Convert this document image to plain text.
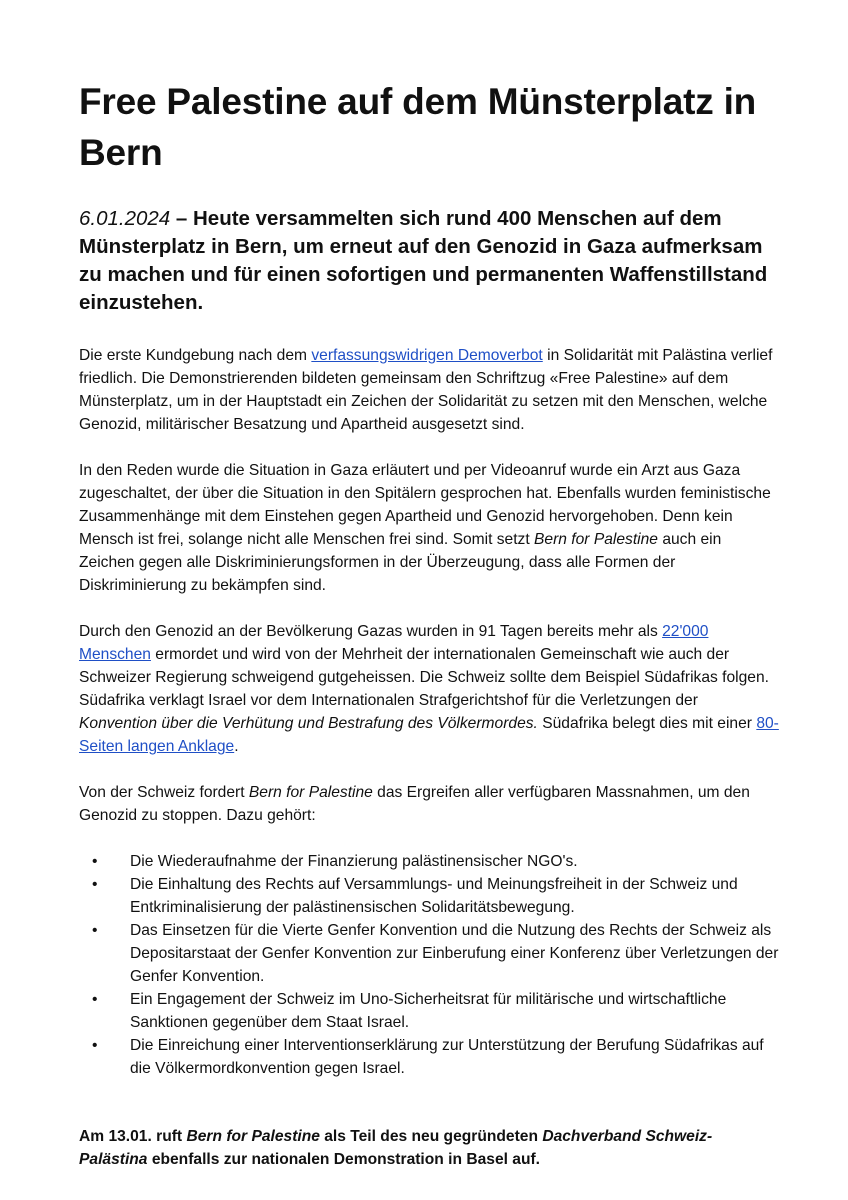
Free Palestine auf dem Münsterplatz in Bern

6.01.2024 – Heute versammelten sich rund 400 Menschen auf dem Münsterplatz in Bern, um erneut auf den Genozid in Gaza aufmerksam zu machen und für einen sofortigen und permanenten Waffenstillstand einzustehen.

Die erste Kundgebung nach dem verfassungswidrigen Demoverbot in Solidarität mit Palästina verlief friedlich. Die Demonstrierenden bildeten gemeinsam den Schriftzug «Free Palestine» auf dem Münsterplatz, um in der Hauptstadt ein Zeichen der Solidarität zu setzen mit den Menschen, welche Genozid, militärischer Besatzung und Apartheid ausgesetzt sind.

In den Reden wurde die Situation in Gaza erläutert und per Videoanruf wurde ein Arzt aus Gaza zugeschaltet, der über die Situation in den Spitälern gesprochen hat. Ebenfalls wurden feministische Zusammenhänge mit dem Einstehen gegen Apartheid und Genozid hervorgehoben. Denn kein Mensch ist frei, solange nicht alle Menschen frei sind. Somit setzt Bern for Palestine auch ein Zeichen gegen alle Diskriminierungsformen in der Überzeugung, dass alle Formen der Diskriminierung zu bekämpfen sind.

Durch den Genozid an der Bevölkerung Gazas wurden in 91 Tagen bereits mehr als 22'000 Menschen ermordet und wird von der Mehrheit der internationalen Gemeinschaft wie auch der Schweizer Regierung schweigend gutgeheissen. Die Schweiz sollte dem Beispiel Südafrikas folgen. Südafrika verklagt Israel vor dem Internationalen Strafgerichtshof für die Verletzungen der Konvention über die Verhütung und Bestrafung des Völkermordes. Südafrika belegt dies mit einer 80-Seiten langen Anklage.

Von der Schweiz fordert Bern for Palestine das Ergreifen aller verfügbaren Massnahmen, um den Genozid zu stoppen. Dazu gehört:

• Die Wiederaufnahme der Finanzierung palästinensischer NGO's.
• Die Einhaltung des Rechts auf Versammlungs- und Meinungsfreiheit in der Schweiz und Entkriminalisierung der palästinensischen Solidaritätsbewegung.
• Das Einsetzen für die Vierte Genfer Konvention und die Nutzung des Rechts der Schweiz als Depositarstaat der Genfer Konvention zur Einberufung einer Konferenz über Verletzungen der Genfer Konvention.
• Ein Engagement der Schweiz im Uno-Sicherheitsrat für militärische und wirtschaftliche Sanktionen gegenüber dem Staat Israel.
• Die Einreichung einer Interventionserklärung zur Unterstützung der Berufung Südafrikas auf die Völkermordkonvention gegen Israel.

Am 13.01. ruft Bern for Palestine als Teil des neu gegründeten Dachverband Schweiz-Palästina ebenfalls zur nationalen Demonstration in Basel auf.
